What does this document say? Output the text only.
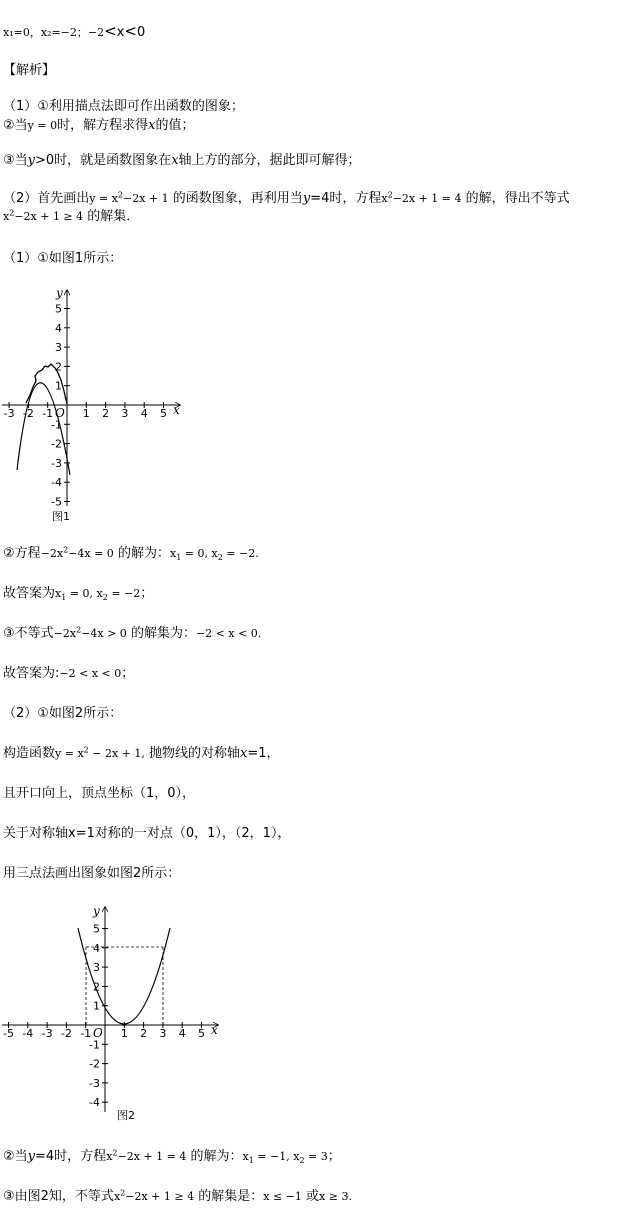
x₁=0，x₂=−2；−2<x<0
【解析】
（1）①利用描点法即可作出函数的图象；
②当y = 0时，解方程求得x的值；
③当y>0时，就是函数图象在x轴上方的部分，据此即可解得；
（2）首先画出$y = x^2-2x + 1$ 的函数图象，再利用当y=4时，方程$x^2-2x + 1 = 4$ 的解，得出不等式
$x^2-2x + 1 \ge 4$ 的解集．
（1）①如图1所示：
-3 -2 -1	1 2 3 4 5
5
4
3
2
1
-1
-2
-3
-4
-5
y
x
O
图1
②方程$-2x^2-4x = 0$ 的解为：$x_1 = 0$, $x_2 = -2$.
故答案为$x_1 = 0$, $x_2 = -2$；
③不等式$-2x^2-4x > 0$ 的解集为：−2 < x < 0.
故答案为:−2 < x < 0；
（2）①如图2所示：
构造函数$y = x^2 - 2x + 1$, 抛物线的对称轴x=1，
且开口向上，顶点坐标（1，0），
关于对称轴x=1对称的一对点（0，1），（2，1），
用三点法画出图象如图2所示：
-5 -4 -3 -2 -1	1 2 3 4 5
5
4
3
2
1
-1
-2
-3
-4
y
x
O
图2
②当y=4时，方程$x^2-2x + 1 = 4$ 的解为：$x_1 = -1$, $x_2 = 3$；
③由图2知，不等式$x^2-2x + 1 \ge 4$ 的解集是：x ≤ −1 或x ≥ 3.
